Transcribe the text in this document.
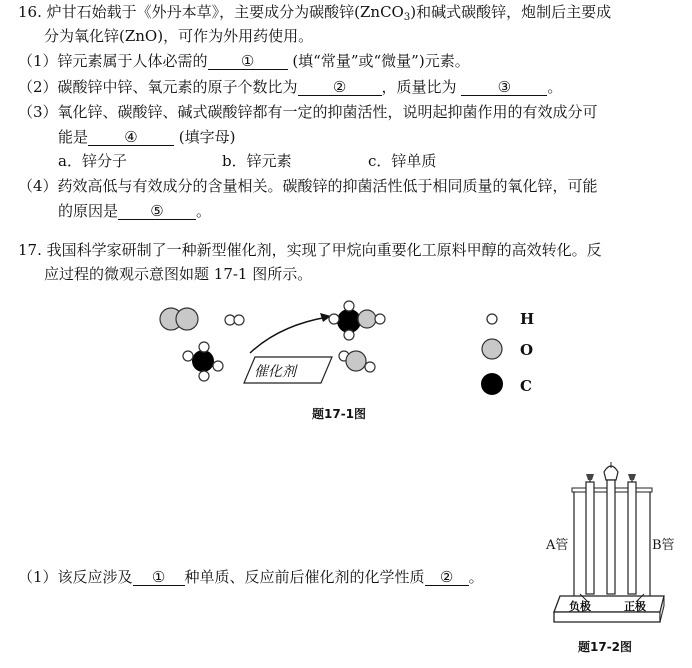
16. 炉甘石始载于《外丹本草》，主要成分为碳酸锌(ZnCO$_3$)和碱式碳酸锌，炮制后主要成
分为氧化锌(ZnO)，可作为外用药使用。
（1）锌元素属于人体必需的 ①	(填“常量”或“微量”)元素。
（2）碳酸锌中锌、氧元素的原子个数比为 ② ，质量比为	③ 。
（3）氧化锌、碳酸锌、碱式碳酸锌都有一定的抑菌活性，说明起抑菌作用的有效成分可
能是 ④	(填字母)
a．锌分子	b．锌元素	c．锌单质
（4）药效高低与有效成分的含量相关。碳酸锌的抑菌活性低于相同质量的氧化锌，可能
的原因是 ⑤ 。
17. 我国科学家研制了一种新型催化剂，实现了甲烷向重要化工原料甲醇的高效转化。反
应过程的微观示意图如题 17-1 图所示。
催化剂
H
O
C
题17-1图
（1）该反应涉及 ① 种单质、反应前后催化剂的化学性质 ② 。
A管	B管
负极	正极
题17-2图
